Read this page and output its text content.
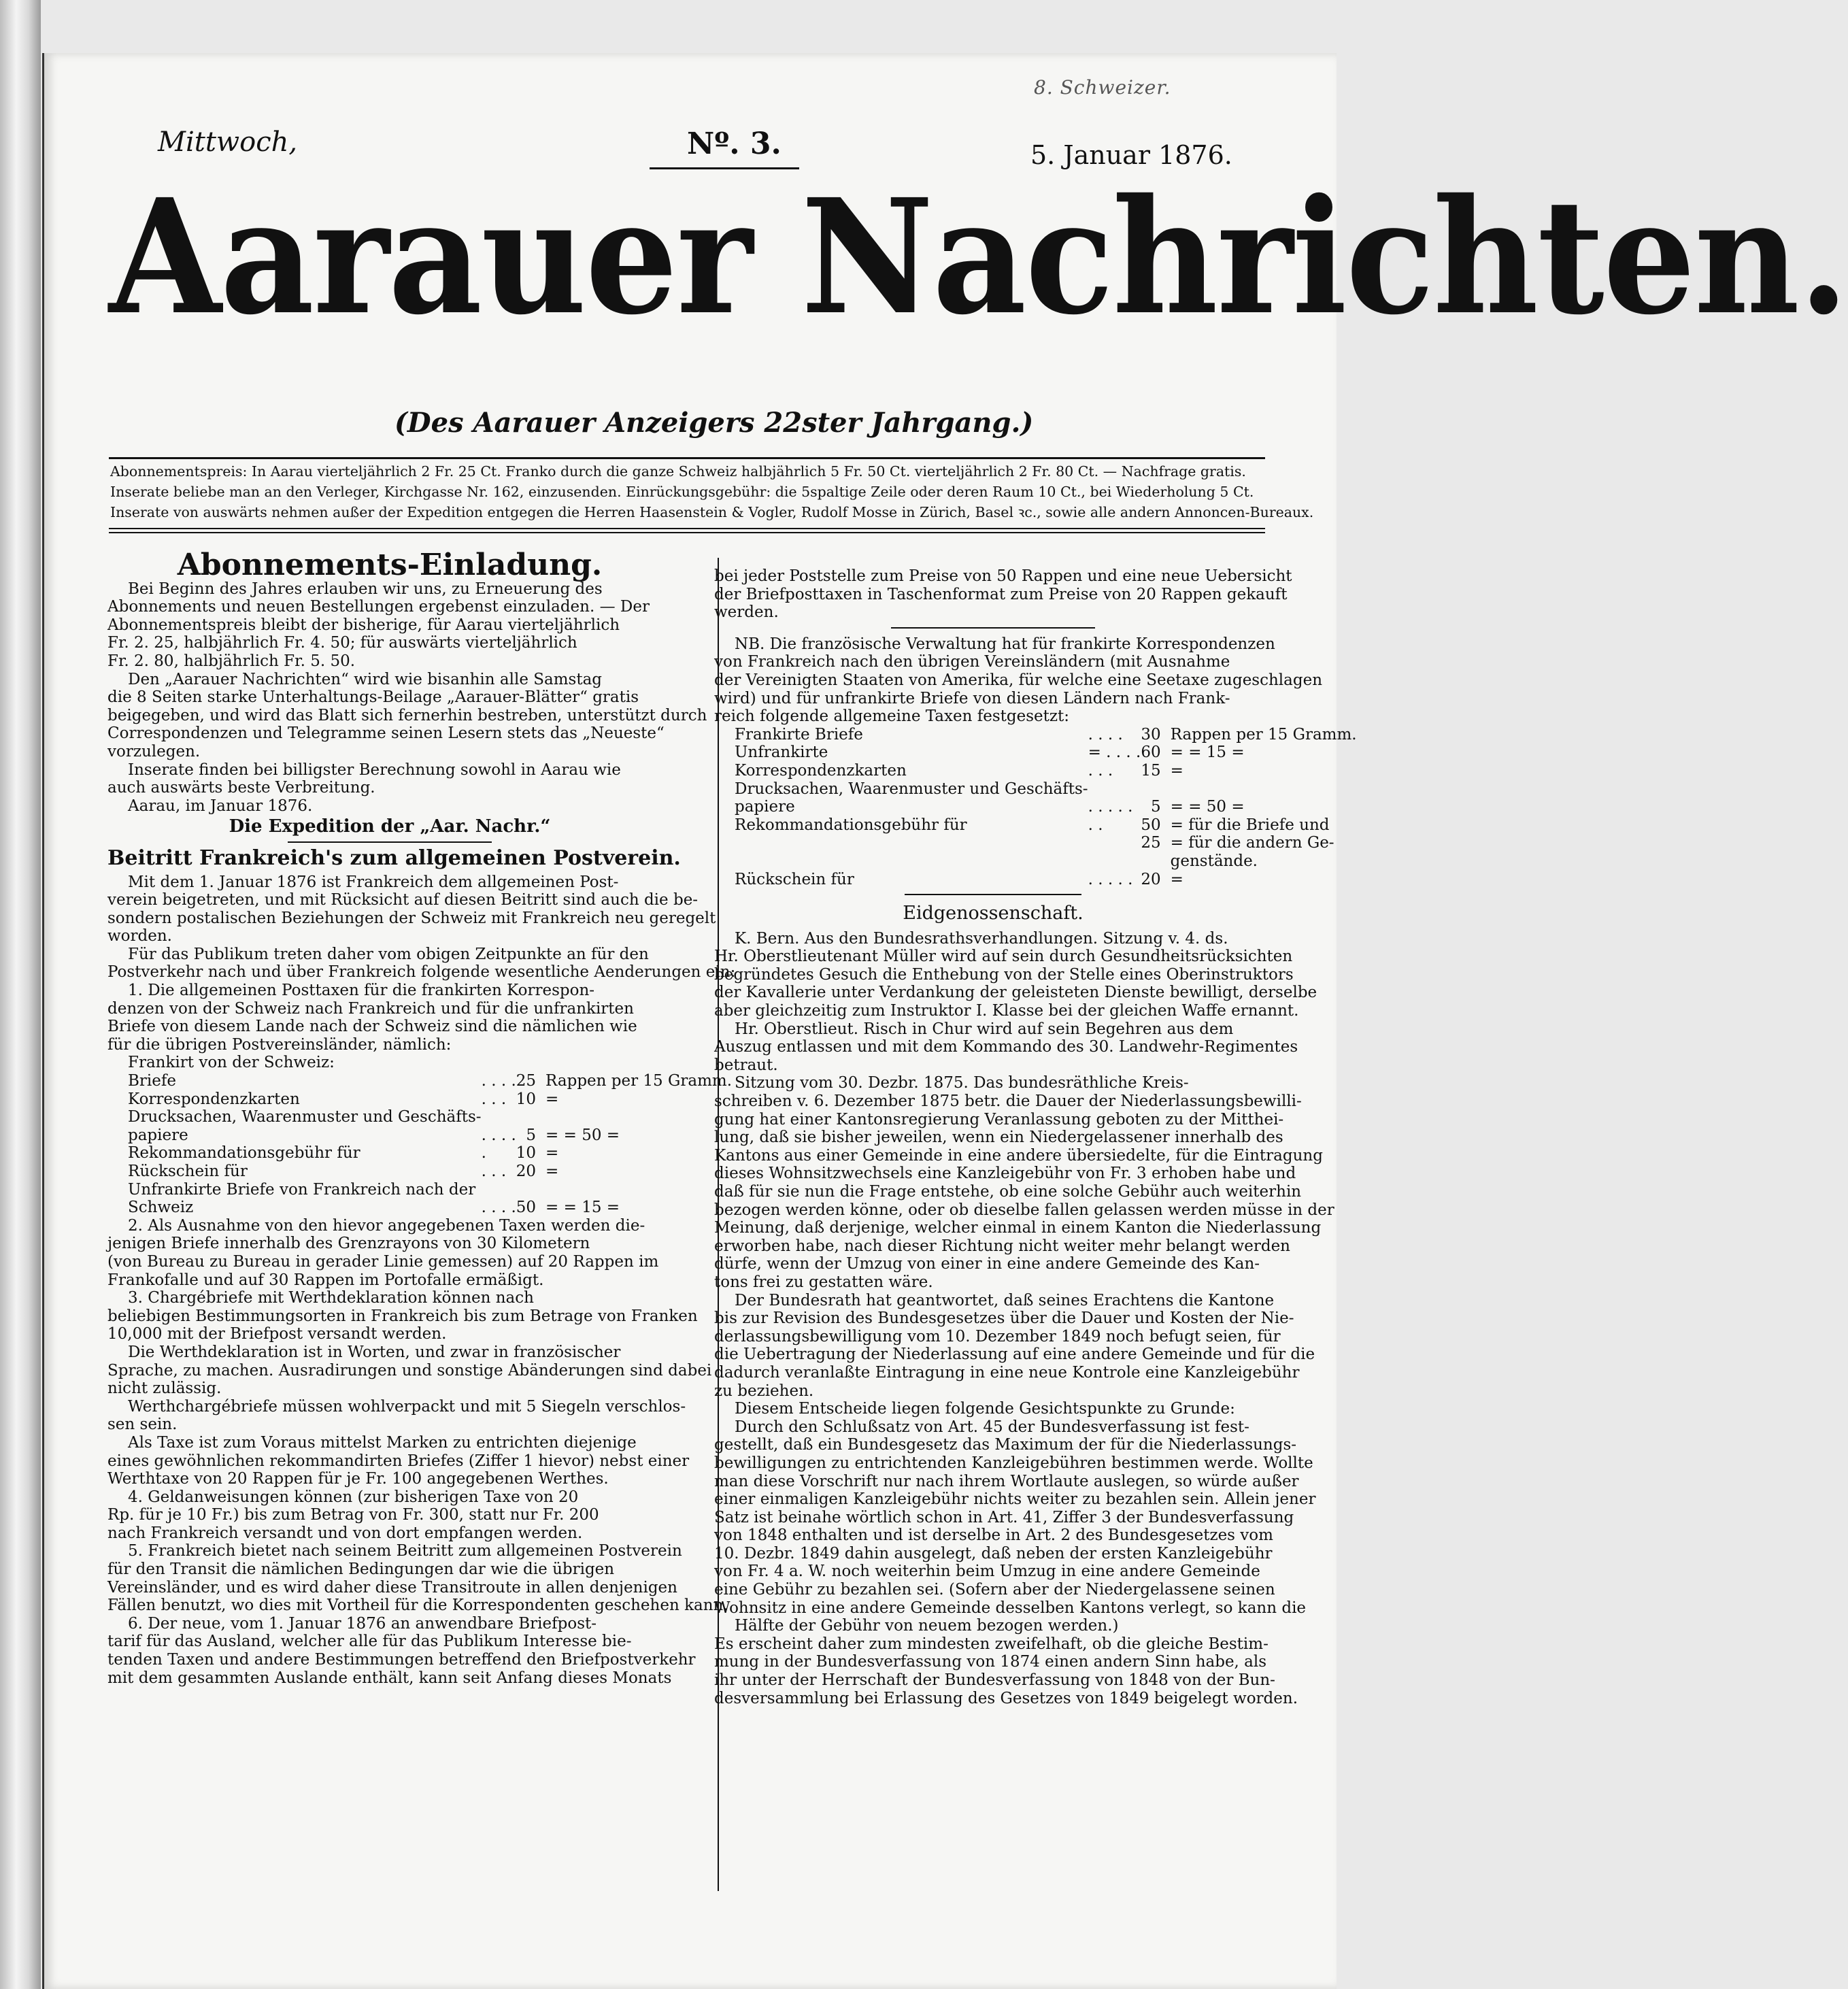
8. Schweizer.
Mittwoch,	Nº. 3.	5. Januar 1876.
Aarauer Nachrichten.
(Des Aarauer Anzeigers 22ster Jahrgang.)
Abonnementspreis: In Aarau vierteljährlich 2 Fr. 25 Ct. Franko durch die ganze Schweiz halbjährlich 5 Fr. 50 Ct. vierteljährlich 2 Fr. 80 Ct. — Nachfrage gratis.
Inserate beliebe man an den Verleger, Kirchgasse Nr. 162, einzusenden. Einrückungsgebühr: die 5spaltige Zeile oder deren Raum 10 Ct., bei Wiederholung 5 Ct.
Inserate von auswärts nehmen außer der Expedition entgegen die Herren Haasenstein & Vogler, Rudolf Mosse in Zürich, Basel ꝛc., sowie alle andern Annoncen-Bureaux.
Abonnements-Einladung.

Bei Beginn des Jahres erlauben wir uns, zu Erneuerung des

Abonnements und neuen Bestellungen ergebenst einzuladen. — Der

Abonnementspreis bleibt der bisherige, für Aarau vierteljährlich

Fr. 2. 25, halbjährlich Fr. 4. 50; für auswärts vierteljährlich

Fr. 2. 80, halbjährlich Fr. 5. 50.

Den „Aarauer Nachrichten“ wird wie bisanhin alle Samstag

die 8 Seiten starke Unterhaltungs-Beilage „Aarauer-Blätter“ gratis

beigegeben, und wird das Blatt sich fernerhin bestreben, unterstützt durch

Correspondenzen und Telegramme seinen Lesern stets das „Neueste“

vorzulegen.

Inserate finden bei billigster Berechnung sowohl in Aarau wie

auch auswärts beste Verbreitung.

Aarau, im Januar 1876.

Die Expedition der „Aar. Nachr.“
Beitritt Frankreich's zum allgemeinen Postverein.

Mit dem 1. Januar 1876 ist Frankreich dem allgemeinen Post-

verein beigetreten, und mit Rücksicht auf diesen Beitritt sind auch die be-

sondern postalischen Beziehungen der Schweiz mit Frankreich neu geregelt

worden.

Für das Publikum treten daher vom obigen Zeitpunkte an für den

Postverkehr nach und über Frankreich folgende wesentliche Aenderungen ein:

1. Die allgemeinen Posttaxen für die frankirten Korrespon-

denzen von der Schweiz nach Frankreich und für die unfrankirten

Briefe von diesem Lande nach der Schweiz sind die nämlichen wie

für die übrigen Postvereinsländer, nämlich:

Frankirt von der Schweiz:

Briefe	. . . .	25	Rappen per 15 Gramm.
Korrespondenzkarten	. . .	10	=
Drucksachen, Waarenmuster und Geschäfts-			
papiere	. . . .	5	= = 50 =
Rekommandationsgebühr für	.	10	=
Rückschein für	. . .	20	=
Unfrankirte Briefe von Frankreich nach der			
Schweiz	. . . .	50	= = 15 =

2. Als Ausnahme von den hievor angegebenen Taxen werden die-

jenigen Briefe innerhalb des Grenzrayons von 30 Kilometern

(von Bureau zu Bureau in gerader Linie gemessen) auf 20 Rappen im

Frankofalle und auf 30 Rappen im Portofalle ermäßigt.

3. Chargébriefe mit Werthdeklaration können nach

beliebigen Bestimmungsorten in Frankreich bis zum Betrage von Franken

10,000 mit der Briefpost versandt werden.

Die Werthdeklaration ist in Worten, und zwar in französischer

Sprache, zu machen. Ausradirungen und sonstige Abänderungen sind dabei

nicht zulässig.

Werthchargébriefe müssen wohlverpackt und mit 5 Siegeln verschlos-

sen sein.

Als Taxe ist zum Voraus mittelst Marken zu entrichten diejenige

eines gewöhnlichen rekommandirten Briefes (Ziffer 1 hievor) nebst einer

Werthtaxe von 20 Rappen für je Fr. 100 angegebenen Werthes.

4. Geldanweisungen können (zur bisherigen Taxe von 20

Rp. für je 10 Fr.) bis zum Betrag von Fr. 300, statt nur Fr. 200

nach Frankreich versandt und von dort empfangen werden.

5. Frankreich bietet nach seinem Beitritt zum allgemeinen Postverein

für den Transit die nämlichen Bedingungen dar wie die übrigen

Vereinsländer, und es wird daher diese Transitroute in allen denjenigen

Fällen benutzt, wo dies mit Vortheil für die Korrespondenten geschehen kann.

6. Der neue, vom 1. Januar 1876 an anwendbare Briefpost-

tarif für das Ausland, welcher alle für das Publikum Interesse bie-

tenden Taxen und andere Bestimmungen betreffend den Briefpostverkehr

mit dem gesammten Auslande enthält, kann seit Anfang dieses Monats

bei jeder Poststelle zum Preise von 50 Rappen und eine neue Uebersicht

der Briefposttaxen in Taschenformat zum Preise von 20 Rappen gekauft

werden.

NB. Die französische Verwaltung hat für frankirte Korrespondenzen

von Frankreich nach den übrigen Vereinsländern (mit Ausnahme

der Vereinigten Staaten von Amerika, für welche eine Seetaxe zugeschlagen

wird) und für unfrankirte Briefe von diesen Ländern nach Frank-

reich folgende allgemeine Taxen festgesetzt:

Frankirte Briefe	. . . .	30	Rappen per 15 Gramm.
Unfrankirte	= . . . .	60	= = 15 =
Korrespondenzkarten	. . .	15	=
Drucksachen, Waarenmuster und Geschäfts-			
papiere	. . . . .	5	= = 50 =
Rekommandationsgebühr für	. .	50	= für die Briefe und
		25	= für die andern Ge-
			genstände.
Rückschein für	. . . . .	20	=
Eidgenossenschaft.

K. Bern. Aus den Bundesrathsverhandlungen. Sitzung v. 4. ds.

Hr. Oberstlieutenant Müller wird auf sein durch Gesundheitsrücksichten

begründetes Gesuch die Enthebung von der Stelle eines Oberinstruktors

der Kavallerie unter Verdankung der geleisteten Dienste bewilligt, derselbe

aber gleichzeitig zum Instruktor I. Klasse bei der gleichen Waffe ernannt.

Hr. Oberstlieut. Risch in Chur wird auf sein Begehren aus dem

Auszug entlassen und mit dem Kommando des 30. Landwehr-Regimentes

betraut.

Sitzung vom 30. Dezbr. 1875. Das bundesräthliche Kreis-

schreiben v. 6. Dezember 1875 betr. die Dauer der Niederlassungsbewilli-

gung hat einer Kantonsregierung Veranlassung geboten zu der Mitthei-

lung, daß sie bisher jeweilen, wenn ein Niedergelassener innerhalb des

Kantons aus einer Gemeinde in eine andere übersiedelte, für die Eintragung

dieses Wohnsitzwechsels eine Kanzleigebühr von Fr. 3 erhoben habe und

daß für sie nun die Frage entstehe, ob eine solche Gebühr auch weiterhin

bezogen werden könne, oder ob dieselbe fallen gelassen werden müsse in der

Meinung, daß derjenige, welcher einmal in einem Kanton die Niederlassung

erworben habe, nach dieser Richtung nicht weiter mehr belangt werden

dürfe, wenn der Umzug von einer in eine andere Gemeinde des Kan-

tons frei zu gestatten wäre.

Der Bundesrath hat geantwortet, daß seines Erachtens die Kantone

bis zur Revision des Bundesgesetzes über die Dauer und Kosten der Nie-

derlassungsbewilligung vom 10. Dezember 1849 noch befugt seien, für

die Uebertragung der Niederlassung auf eine andere Gemeinde und für die

dadurch veranlaßte Eintragung in eine neue Kontrole eine Kanzleigebühr

zu beziehen.

Diesem Entscheide liegen folgende Gesichtspunkte zu Grunde:

Durch den Schlußsatz von Art. 45 der Bundesverfassung ist fest-

gestellt, daß ein Bundesgesetz das Maximum der für die Niederlassungs-

bewilligungen zu entrichtenden Kanzleigebühren bestimmen werde. Wollte

man diese Vorschrift nur nach ihrem Wortlaute auslegen, so würde außer

einer einmaligen Kanzleigebühr nichts weiter zu bezahlen sein. Allein jener

Satz ist beinahe wörtlich schon in Art. 41, Ziffer 3 der Bundesverfassung

von 1848 enthalten und ist derselbe in Art. 2 des Bundesgesetzes vom

10. Dezbr. 1849 dahin ausgelegt, daß neben der ersten Kanzleigebühr

von Fr. 4 a. W. noch weiterhin beim Umzug in eine andere Gemeinde

eine Gebühr zu bezahlen sei. (Sofern aber der Niedergelassene seinen

Wohnsitz in eine andere Gemeinde desselben Kantons verlegt, so kann die

Hälfte der Gebühr von neuem bezogen werden.)

Es erscheint daher zum mindesten zweifelhaft, ob die gleiche Bestim-

mung in der Bundesverfassung von 1874 einen andern Sinn habe, als

ihr unter der Herrschaft der Bundesverfassung von 1848 von der Bun-

desversammlung bei Erlassung des Gesetzes von 1849 beigelegt worden.
